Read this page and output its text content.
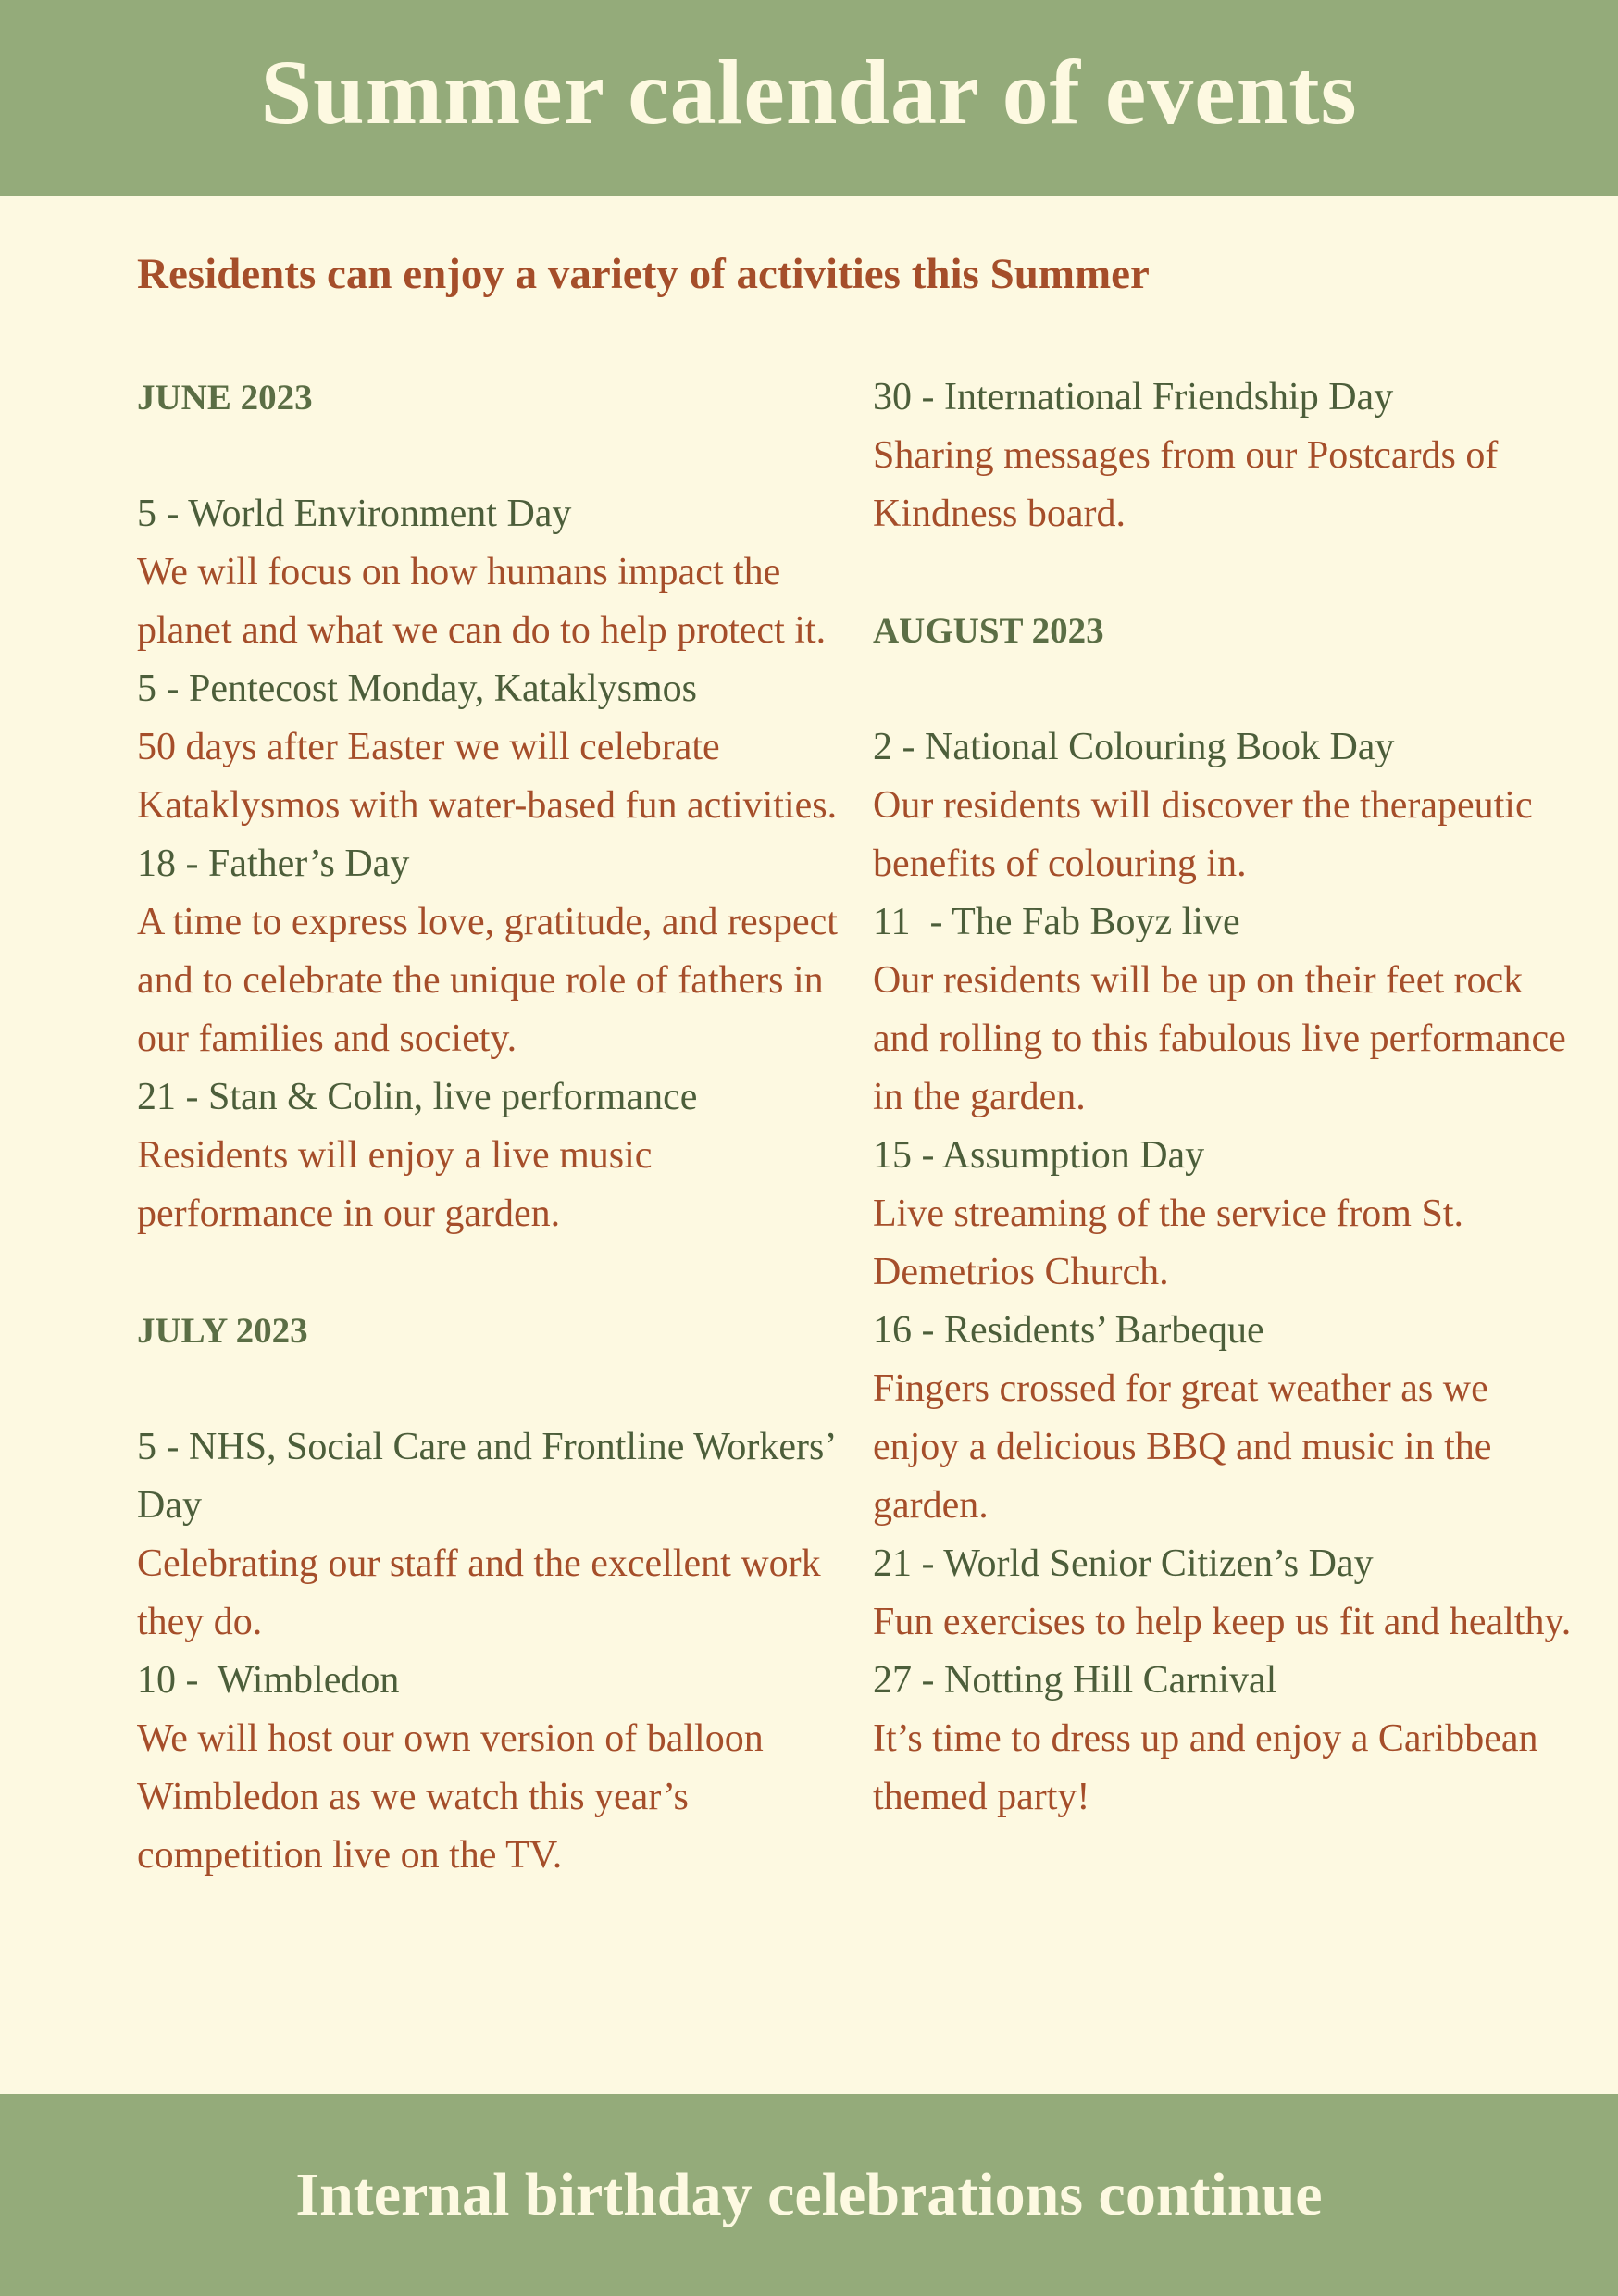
Summer calendar of events

Residents can enjoy a variety of activities this Summer

JUNE 2023

5 - World Environment Day

We will focus on how humans impact the planet and what we can do to help protect it.

5 - Pentecost Monday, Kataklysmos

50 days after Easter we will celebrate Kataklysmos with water-based fun activities.

18 - Father’s Day

A time to express love, gratitude, and respect and to celebrate the unique role of fathers in our families and society.

21 - Stan & Colin, live performance

Residents will enjoy a live music performance in our garden.

JULY 2023

5 - NHS, Social Care and Frontline Workers’ Day

Celebrating our staff and the excellent work they do.

10 -  Wimbledon

We will host our own version of balloon Wimbledon as we watch this year’s competition live on the TV.

30 - International Friendship Day

Sharing messages from our Postcards of Kindness board.

AUGUST 2023

2 - National Colouring Book Day

Our residents will discover the therapeutic benefits of colouring in.

11  - The Fab Boyz live

Our residents will be up on their feet rock and rolling to this fabulous live performance in the garden.

15 - Assumption Day

Live streaming of the service from St. Demetrios Church.

16 - Residents’ Barbeque

Fingers crossed for great weather as we enjoy a delicious BBQ and music in the garden.

21 - World Senior Citizen’s Day

Fun exercises to help keep us fit and healthy.

27 - Notting Hill Carnival

It’s time to dress up and enjoy a Caribbean themed party!

Internal birthday celebrations continue
